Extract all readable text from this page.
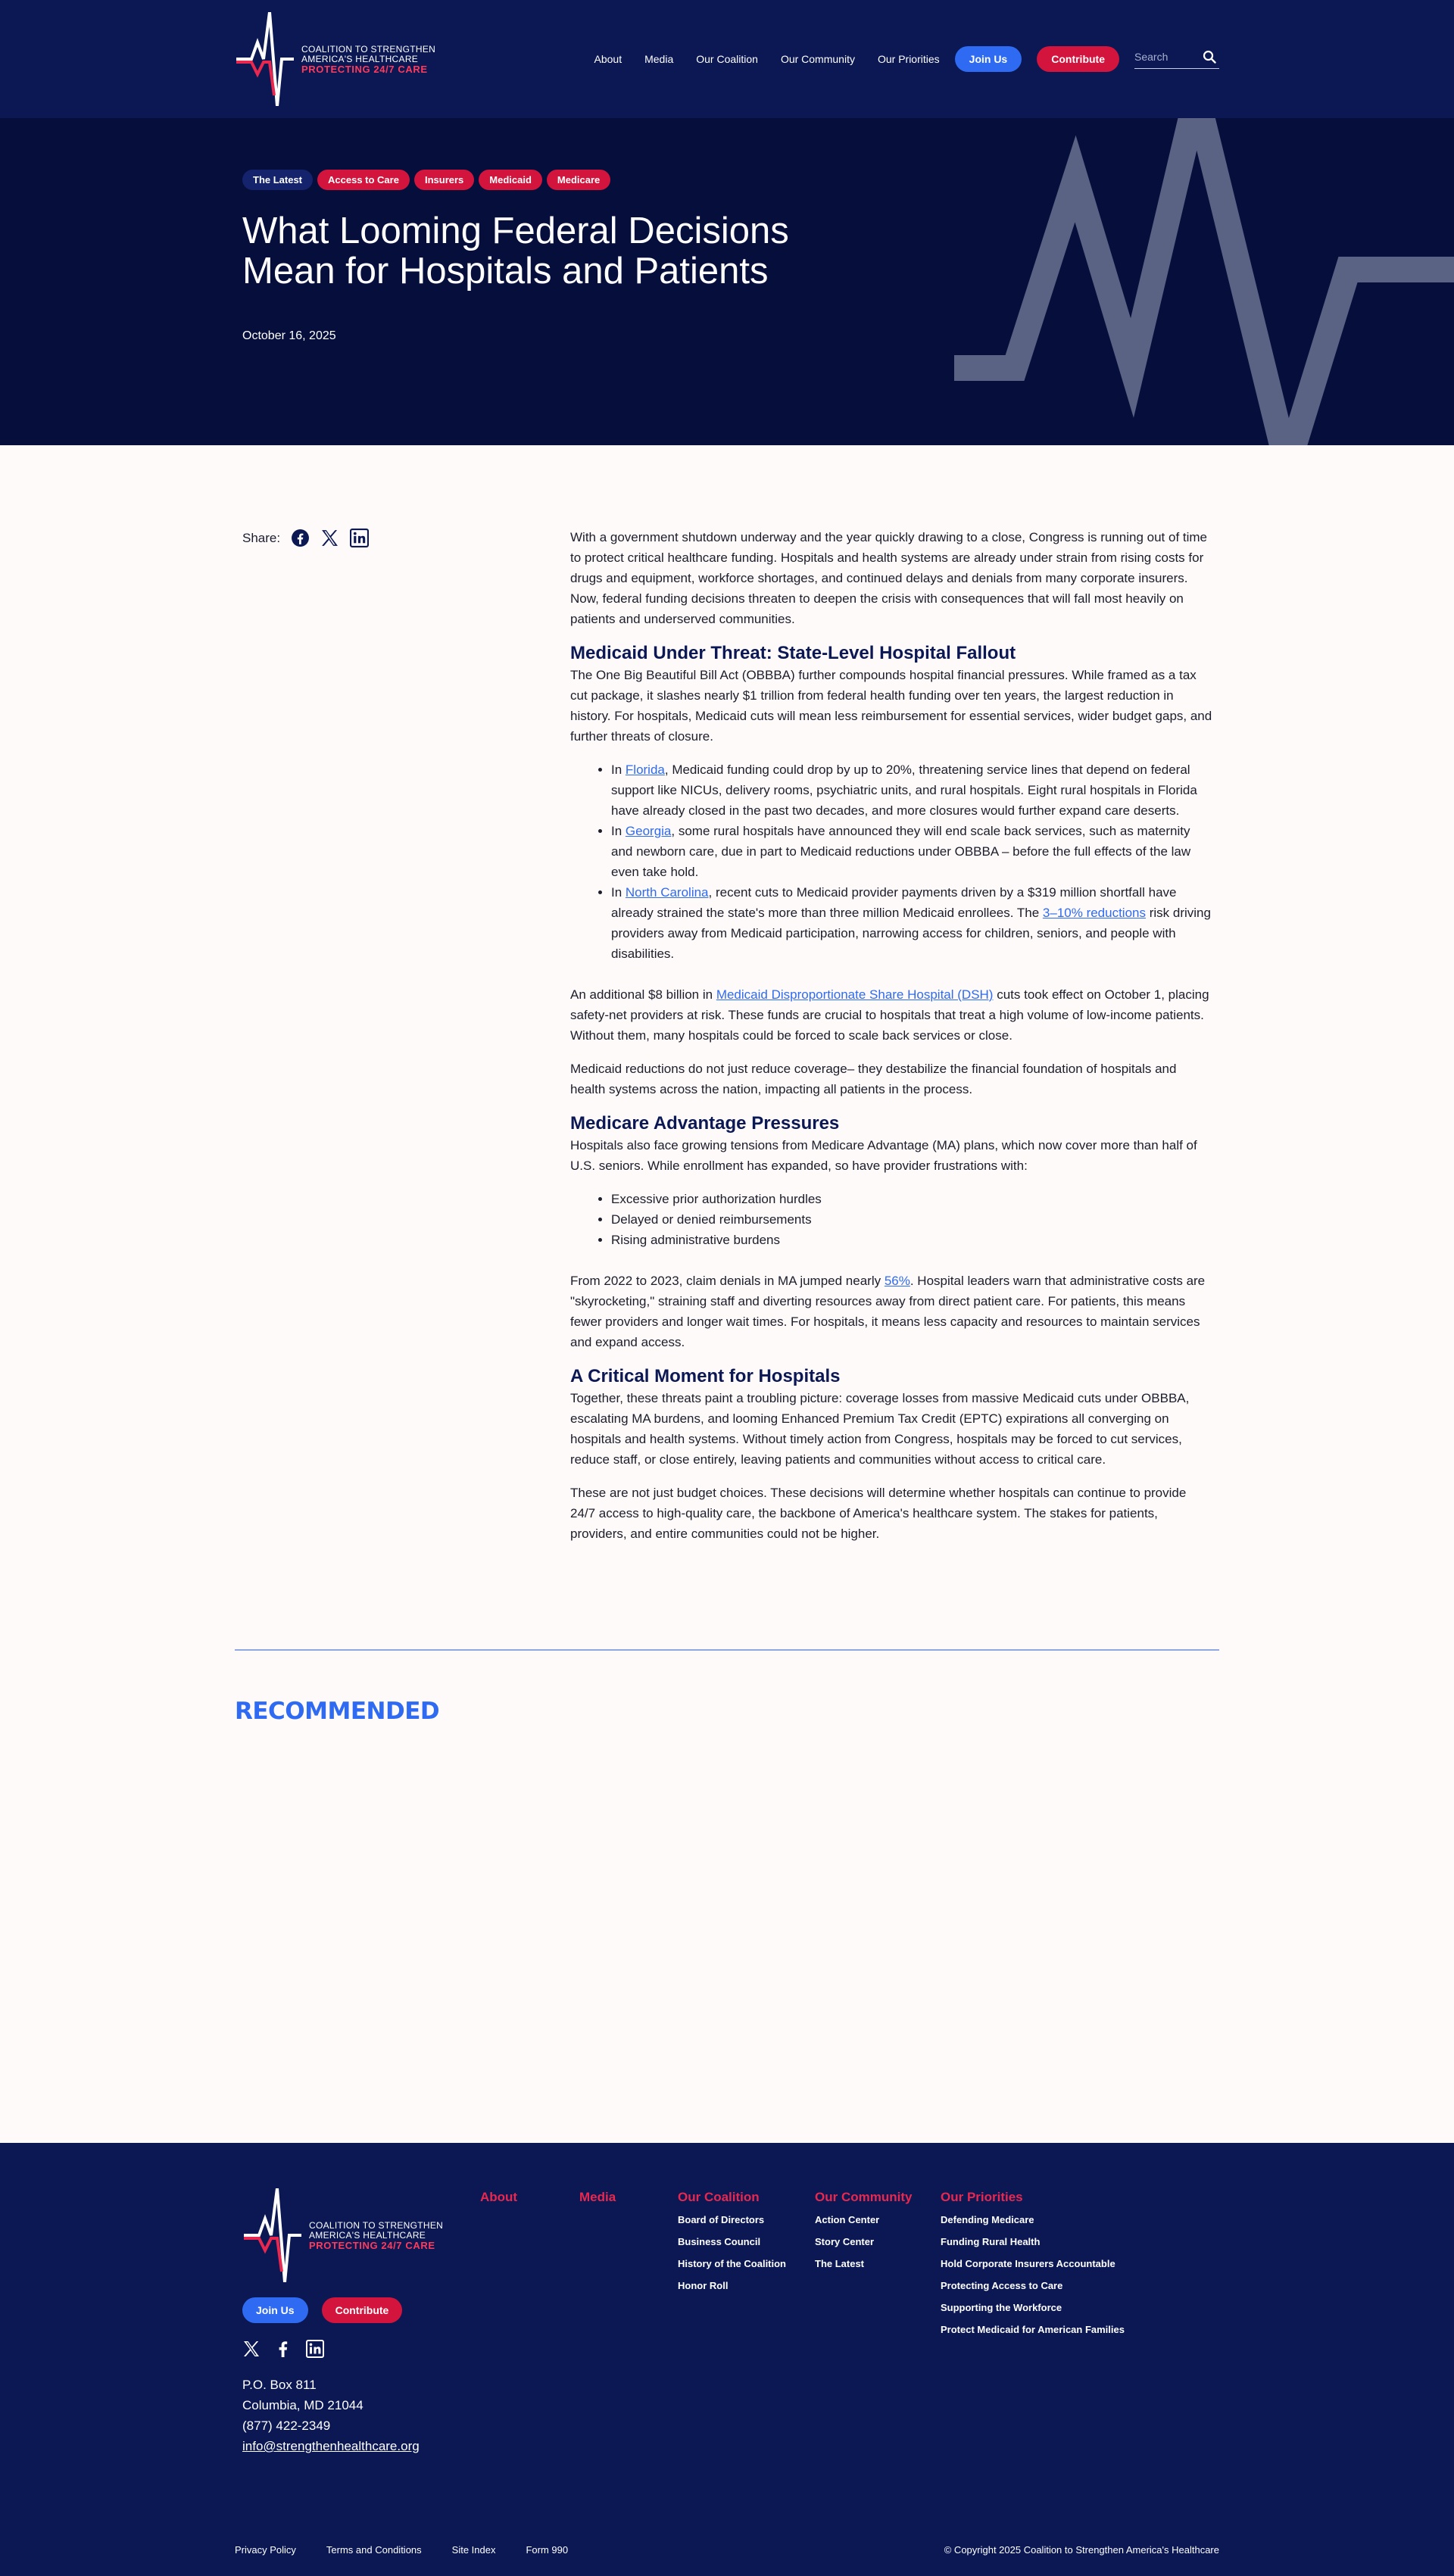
COALITION TO STRENGTHEN
AMERICA'S HEALTHCARE
PROTECTING 24/7 CARE
About Media Our Coalition Our Community Our Priorities	Join Us	Contribute
Search
The Latest	Access to Care	Insurers	Medicaid	Medicare
What Looming Federal Decisions Mean for Hospitals and Patients
October 16, 2025
Share:	With a government shutdown underway and the year quickly drawing to a close, Congress is running out of time to protect critical healthcare funding. Hospitals and health systems are already under strain from rising costs for drugs and equipment, workforce shortages, and continued delays and denials from many corporate insurers. Now, federal funding decisions threaten to deepen the crisis with consequences that will fall most heavily on patients and underserved communities.

Medicaid Under Threat: State-Level Hospital Fallout

The One Big Beautiful Bill Act (OBBBA) further compounds hospital financial pressures. While framed as a tax cut package, it slashes nearly $1 trillion from federal health funding over ten years, the largest reduction in history. For hospitals, Medicaid cuts will mean less reimbursement for essential services, wider budget gaps, and further threats of closure.

• In Florida, Medicaid funding could drop by up to 20%, threatening service lines that depend on federal support like NICUs, delivery rooms, psychiatric units, and rural hospitals. Eight rural hospitals in Florida have already closed in the past two decades, and more closures would further expand care deserts.
• In Georgia, some rural hospitals have announced they will end scale back services, such as maternity and newborn care, due in part to Medicaid reductions under OBBBA – before the full effects of the law even take hold.
• In North Carolina, recent cuts to Medicaid provider payments driven by a $319 million shortfall have already strained the state's more than three million Medicaid enrollees. The 3–10% reductions risk driving providers away from Medicaid participation, narrowing access for children, seniors, and people with disabilities.

An additional $8 billion in Medicaid Disproportionate Share Hospital (DSH) cuts took effect on October 1, placing safety-net providers at risk. These funds are crucial to hospitals that treat a high volume of low-income patients. Without them, many hospitals could be forced to scale back services or close.

Medicaid reductions do not just reduce coverage– they destabilize the financial foundation of hospitals and health systems across the nation, impacting all patients in the process.

Medicare Advantage Pressures

Hospitals also face growing tensions from Medicare Advantage (MA) plans, which now cover more than half of U.S. seniors. While enrollment has expanded, so have provider frustrations with:

• Excessive prior authorization hurdles
• Delayed or denied reimbursements
• Rising administrative burdens

From 2022 to 2023, claim denials in MA jumped nearly 56%. Hospital leaders warn that administrative costs are "skyrocketing," straining staff and diverting resources away from direct patient care. For patients, this means fewer providers and longer wait times. For hospitals, it means less capacity and resources to maintain services and expand access.

A Critical Moment for Hospitals

Together, these threats paint a troubling picture: coverage losses from massive Medicaid cuts under OBBBA, escalating MA burdens, and looming Enhanced Premium Tax Credit (EPTC) expirations all converging on hospitals and health systems. Without timely action from Congress, hospitals may be forced to cut services, reduce staff, or close entirely, leaving patients and communities without access to critical care.

These are not just budget choices. These decisions will determine whether hospitals can continue to provide 24/7 access to high-quality care, the backbone of America's healthcare system. The stakes for patients, providers, and entire communities could not be higher.

RECOMMENDED
COALITION TO STRENGTHEN
AMERICA'S HEALTHCARE
PROTECTING 24/7 CARE
Join Us	Contribute
P.O. Box 811
Columbia, MD 21044
(877) 422-2349
info@strengthenhealthcare.org
About	Media	Our Coalition
Board of Directors
Business Council
History of the Coalition
Honor Roll
Our Community
Action Center
Story Center
The Latest
Our Priorities
Defending Medicare
Funding Rural Health
Hold Corporate Insurers Accountable
Protecting Access to Care
Supporting the Workforce
Protect Medicaid for American Families
Privacy Policy	Terms and Conditions	Site Index	Form 990	© Copyright 2025 Coalition to Strengthen America's Healthcare
